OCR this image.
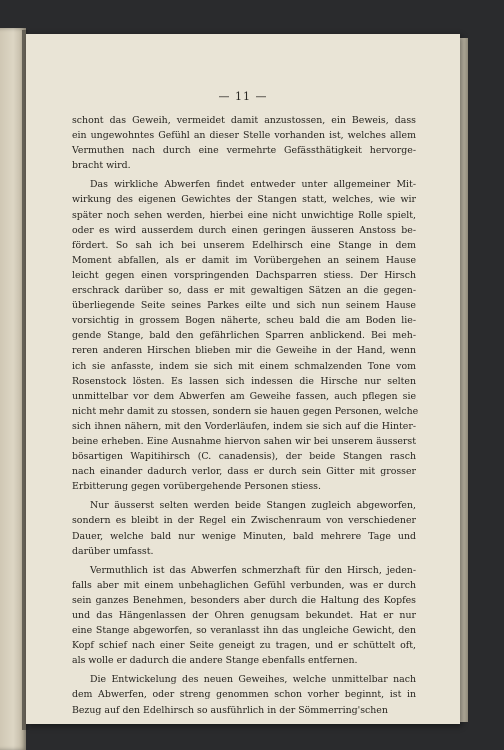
— 11 —
schont das Geweih, vermeidet damit anzustossen, ein Beweis, dass
ein ungewohntes Gefühl an dieser Stelle vorhanden ist, welches allem
Vermuthen nach durch eine vermehrte Gefässthätigkeit hervorge-
bracht wird.
Das wirkliche Abwerfen findet entweder unter allgemeiner Mit-
wirkung des eigenen Gewichtes der Stangen statt, welches, wie wir
später noch sehen werden, hierbei eine nicht unwichtige Rolle spielt,
oder es wird ausserdem durch einen geringen äusseren Anstoss be-
fördert. So sah ich bei unserem Edelhirsch eine Stange in dem
Moment abfallen, als er damit im Vorübergehen an seinem Hause
leicht gegen einen vorspringenden Dachsparren stiess. Der Hirsch
erschrack darüber so, dass er mit gewaltigen Sätzen an die gegen-
überliegende Seite seines Parkes eilte und sich nun seinem Hause
vorsichtig in grossem Bogen näherte, scheu bald die am Boden lie-
gende Stange, bald den gefährlichen Sparren anblickend. Bei meh-
reren anderen Hirschen blieben mir die Geweihe in der Hand, wenn
ich sie anfasste, indem sie sich mit einem schmalzenden Tone vom
Rosenstock lösten. Es lassen sich indessen die Hirsche nur selten
unmittelbar vor dem Abwerfen am Geweihe fassen, auch pflegen sie
nicht mehr damit zu stossen, sondern sie hauen gegen Personen, welche
sich ihnen nähern, mit den Vorderläufen, indem sie sich auf die Hinter-
beine erheben. Eine Ausnahme hiervon sahen wir bei unserem äusserst
bösartigen Wapitihirsch (C. canadensis), der beide Stangen rasch
nach einander dadurch verlor, dass er durch sein Gitter mit grosser
Erbitterung gegen vorübergehende Personen stiess.
Nur äusserst selten werden beide Stangen zugleich abgeworfen,
sondern es bleibt in der Regel ein Zwischenraum von verschiedener
Dauer, welche bald nur wenige Minuten, bald mehrere Tage und
darüber umfasst.
Vermuthlich ist das Abwerfen schmerzhaft für den Hirsch, jeden-
falls aber mit einem unbehaglichen Gefühl verbunden, was er durch
sein ganzes Benehmen, besonders aber durch die Haltung des Kopfes
und das Hängenlassen der Ohren genugsam bekundet. Hat er nur
eine Stange abgeworfen, so veranlasst ihn das ungleiche Gewicht, den
Kopf schief nach einer Seite geneigt zu tragen, und er schüttelt oft,
als wolle er dadurch die andere Stange ebenfalls entfernen.
Die Entwickelung des neuen Geweihes, welche unmittelbar nach
dem Abwerfen, oder streng genommen schon vorher beginnt, ist in
Bezug auf den Edelhirsch so ausführlich in der Sömmerring'schen
